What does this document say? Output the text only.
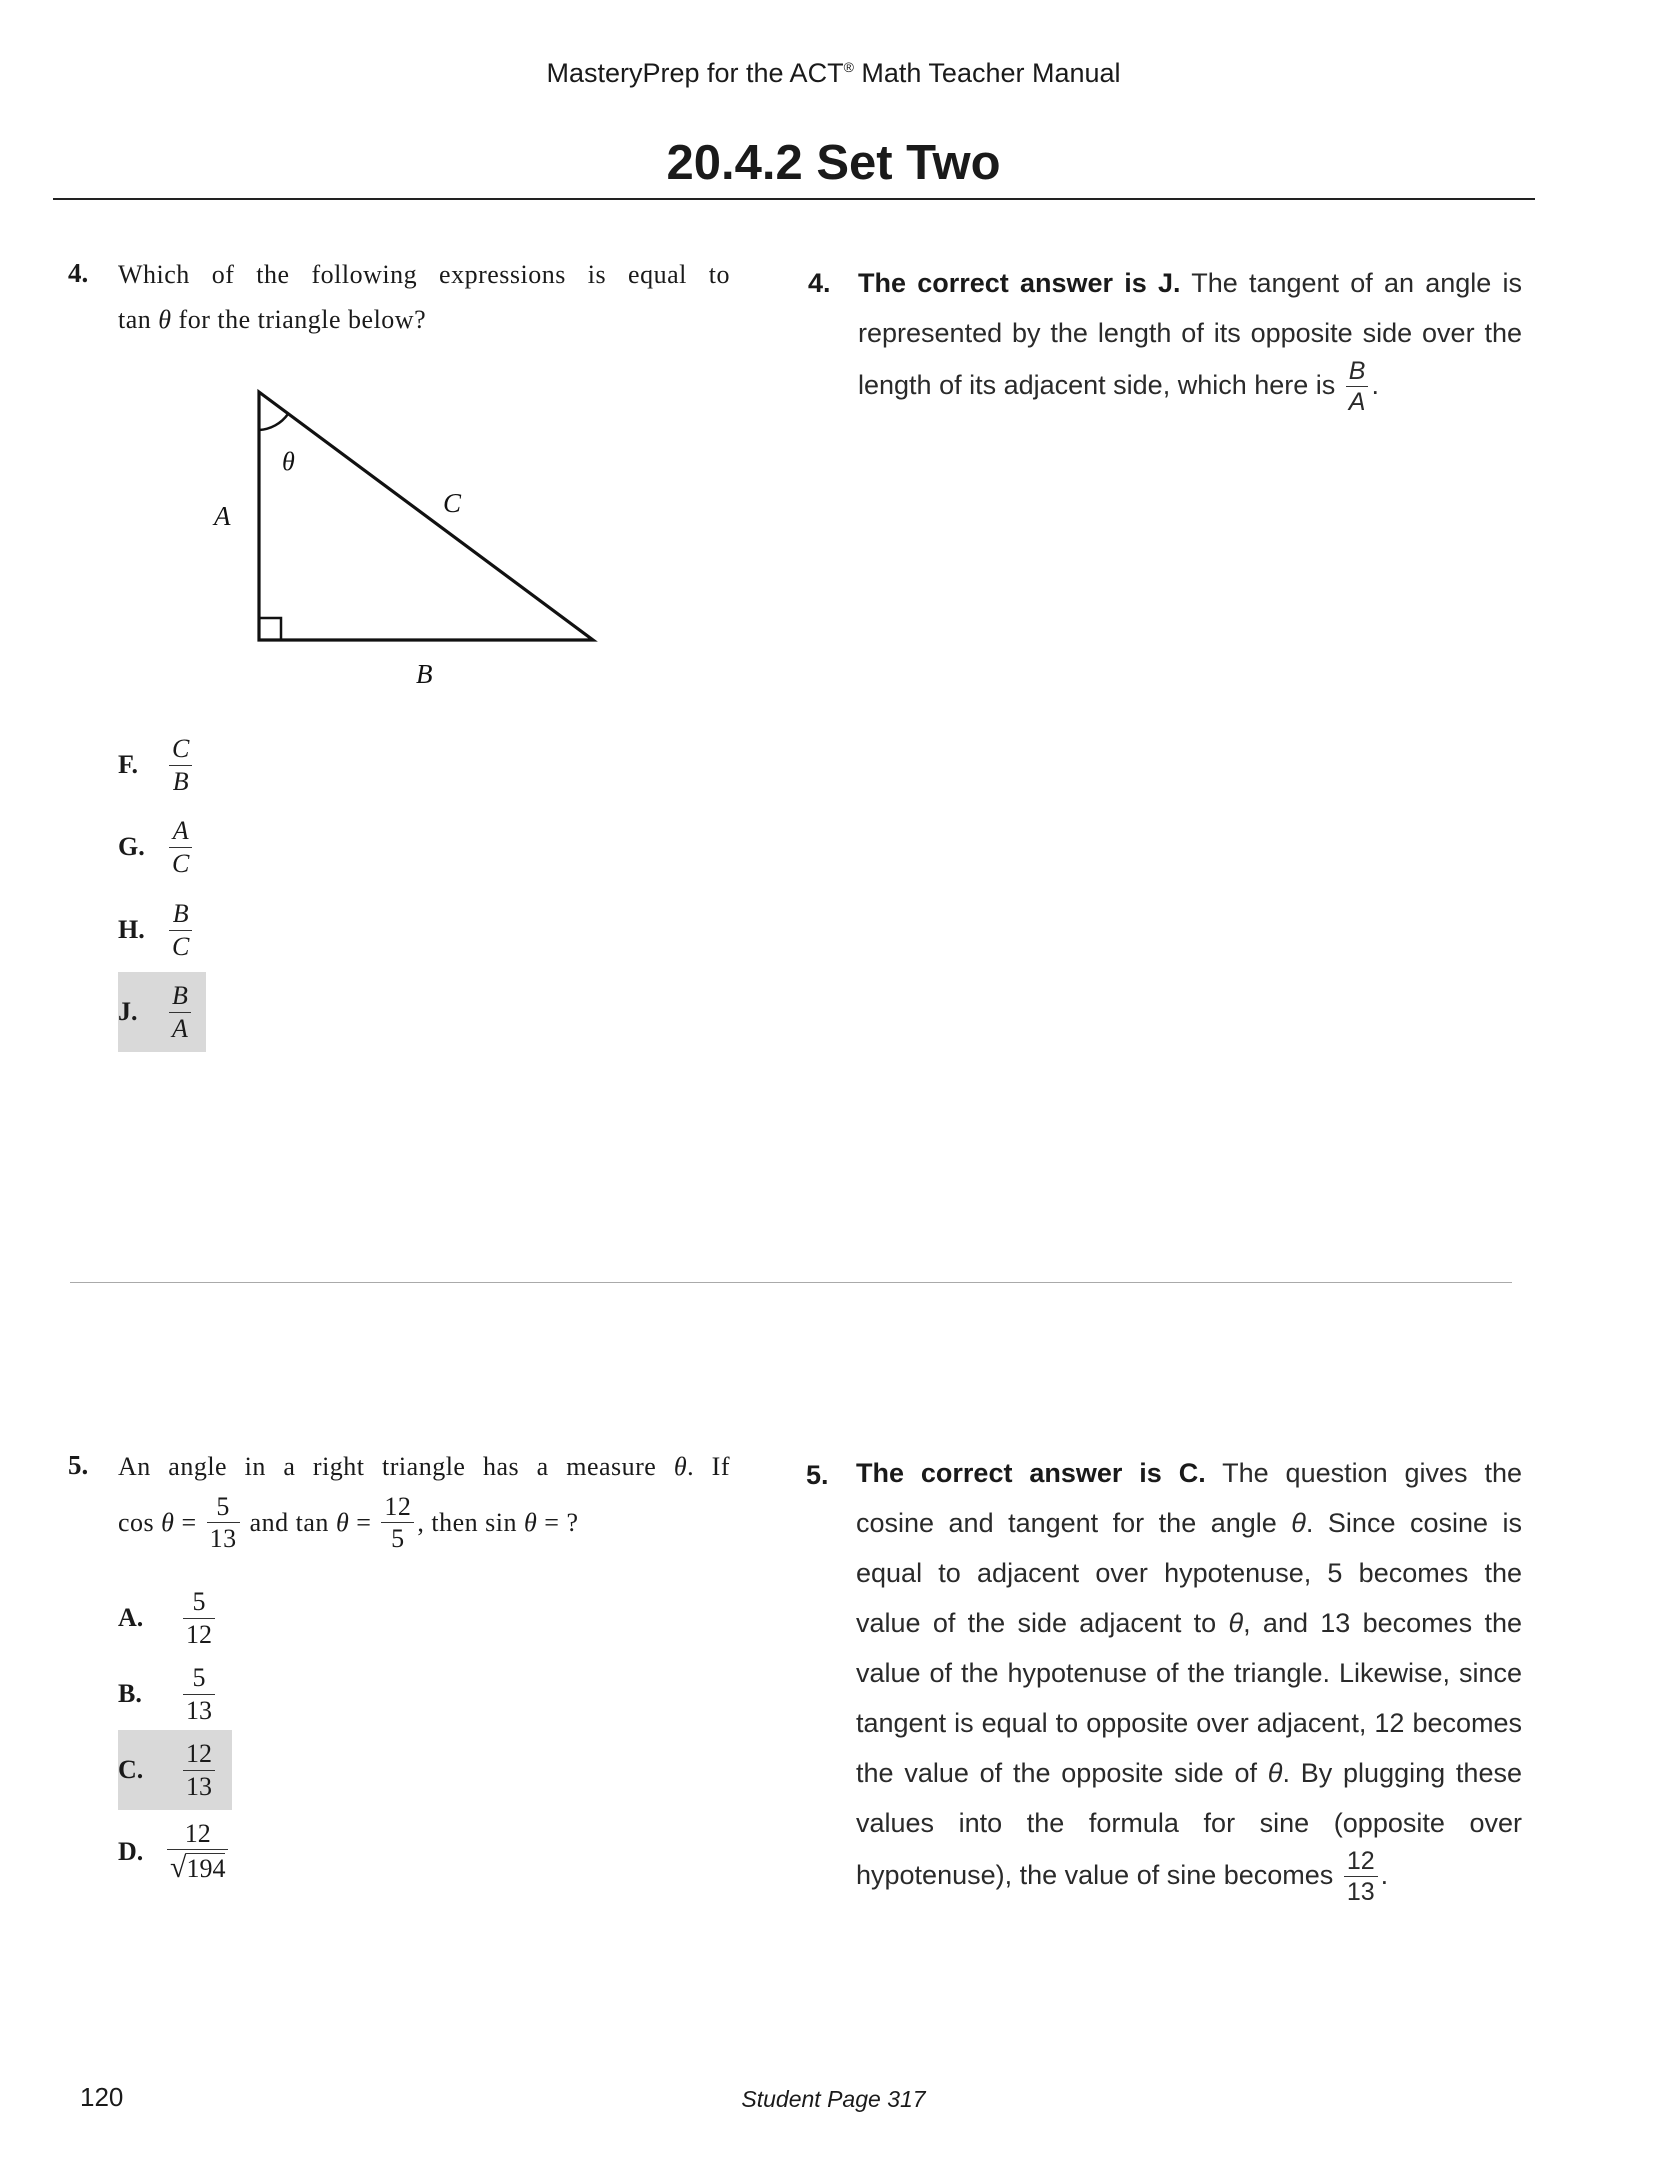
MasteryPrep for the ACT® Math Teacher Manual
20.4.2 Set Two
4. Which of the following expressions is equal to
tan θ for the triangle below?
θ
A	C
B
F.	$\frac{C}{B}$
G. $\frac{A}{C}$
H. $\frac{B}{C}$
J.	$\frac{B}{A}$
4. The correct answer is J. The tangent of an angle is represented by the length of its opposite side over the length of its adjacent side, which here is $\frac{B}{A}$ .
5. An angle in a right triangle has a measure θ. If
$\cos \theta = \frac{5}{13}$ and $\tan \theta = \frac{12}{5}$ , then sin θ = ?
A.	$\frac{5}{12}$
B.	$\frac{5}{13}$
C.	$\frac{12}{13}$
D. $\frac{12}{√194}$
5. The correct answer is C. The question gives the cosine and tangent for the angle θ. Since cosine is equal to adjacent over hypotenuse, 5 becomes the value of the side adjacent to θ, and 13 becomes the value of the hypotenuse of the triangle. Likewise, since tangent is equal to opposite over adjacent, 12 becomes the value of the opposite side of θ. By plugging these values into the formula for sine (opposite over hypotenuse), the value of sine becomes $\frac{12}{13}$ .
120	Student Page 317
